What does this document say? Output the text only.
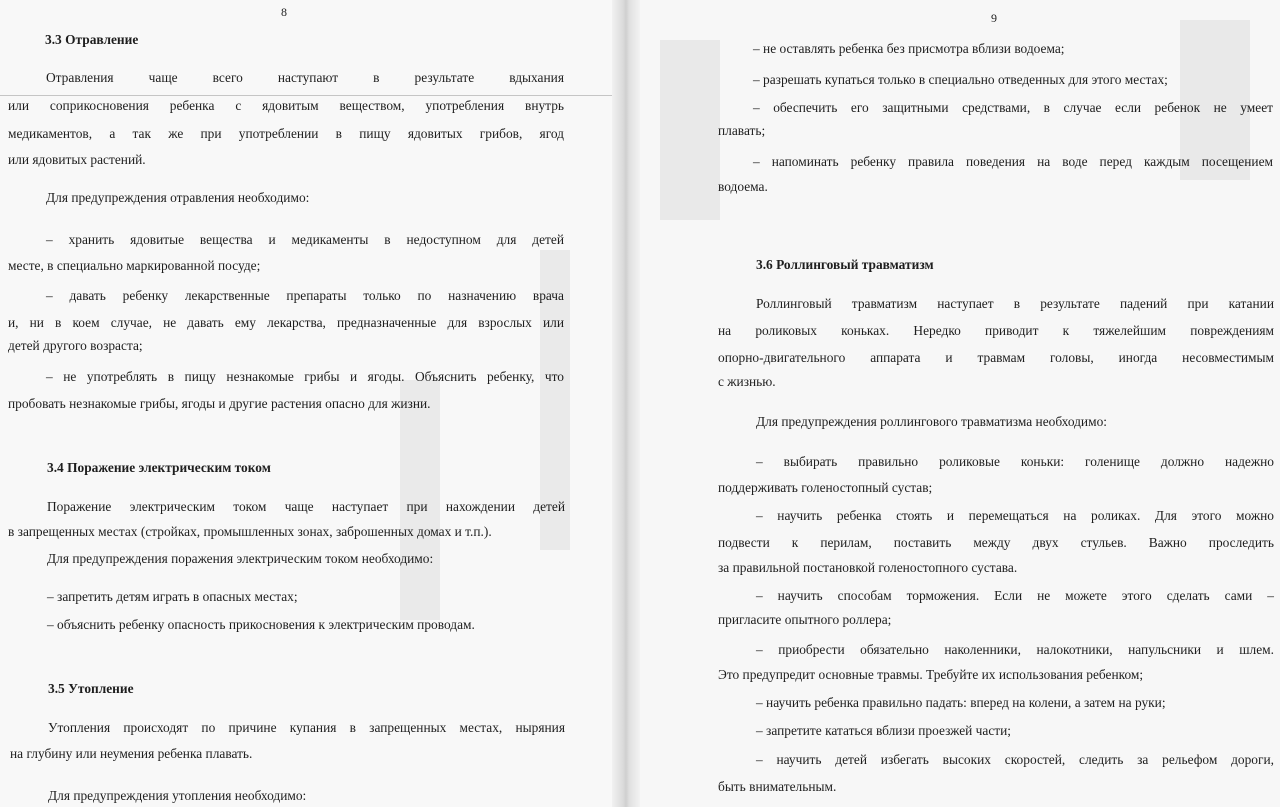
8
3.3 Отравление
Отравления чаще всего наступают в результате вдыхания
или соприкосновения ребенка с ядовитым веществом, употребления внутрь
медикаментов, а так же при употреблении в пищу ядовитых грибов, ягод
или ядовитых растений.
Для предупреждения отравления необходимо:
– хранить ядовитые вещества и медикаменты в недоступном для детей
месте, в специально маркированной посуде;
– давать ребенку лекарственные препараты только по назначению врача
и, ни в коем случае, не давать ему лекарства, предназначенные для взрослых или
детей другого возраста;
– не употреблять в пищу незнакомые грибы и ягоды. Объяснить ребенку, что
пробовать незнакомые грибы, ягоды и другие растения опасно для жизни.
3.4 Поражение электрическим током
Поражение электрическим током чаще наступает при нахождении детей
в запрещенных местах (стройках, промышленных зонах, заброшенных домах и т.п.).
Для предупреждения поражения электрическим током необходимо:
– запретить детям играть в опасных местах;
– объяснить ребенку опасность прикосновения к электрическим проводам.
3.5 Утопление
Утопления происходят по причине купания в запрещенных местах, ныряния
на глубину или неумения ребенка плавать.
Для предупреждения утопления необходимо:
9
– не оставлять ребенка без присмотра вблизи водоема;
– разрешать купаться только в специально отведенных для этого местах;
– обеспечить его защитными средствами, в случае если ребенок не умеет
плавать;
– напоминать ребенку правила поведения на воде перед каждым посещением
водоема.
3.6 Роллинговый травматизм
Роллинговый травматизм наступает в результате падений при катании
на роликовых коньках. Нередко приводит к тяжелейшим повреждениям
опорно-двигательного аппарата и травмам головы, иногда несовместимым
с жизнью.
Для предупреждения роллингового травматизма необходимо:
– выбирать правильно роликовые коньки: голенище должно надежно
поддерживать голеностопный сустав;
– научить ребенка стоять и перемещаться на роликах. Для этого можно
подвести к перилам, поставить между двух стульев. Важно проследить
за правильной постановкой голеностопного сустава.
– научить способам торможения. Если не можете этого сделать сами –
пригласите опытного роллера;
– приобрести обязательно наколенники, налокотники, напульсники и шлем.
Это предупредит основные травмы. Требуйте их использования ребенком;
– научить ребенка правильно падать: вперед на колени, а затем на руки;
– запретите кататься вблизи проезжей части;
– научить детей избегать высоких скоростей, следить за рельефом дороги,
быть внимательным.
